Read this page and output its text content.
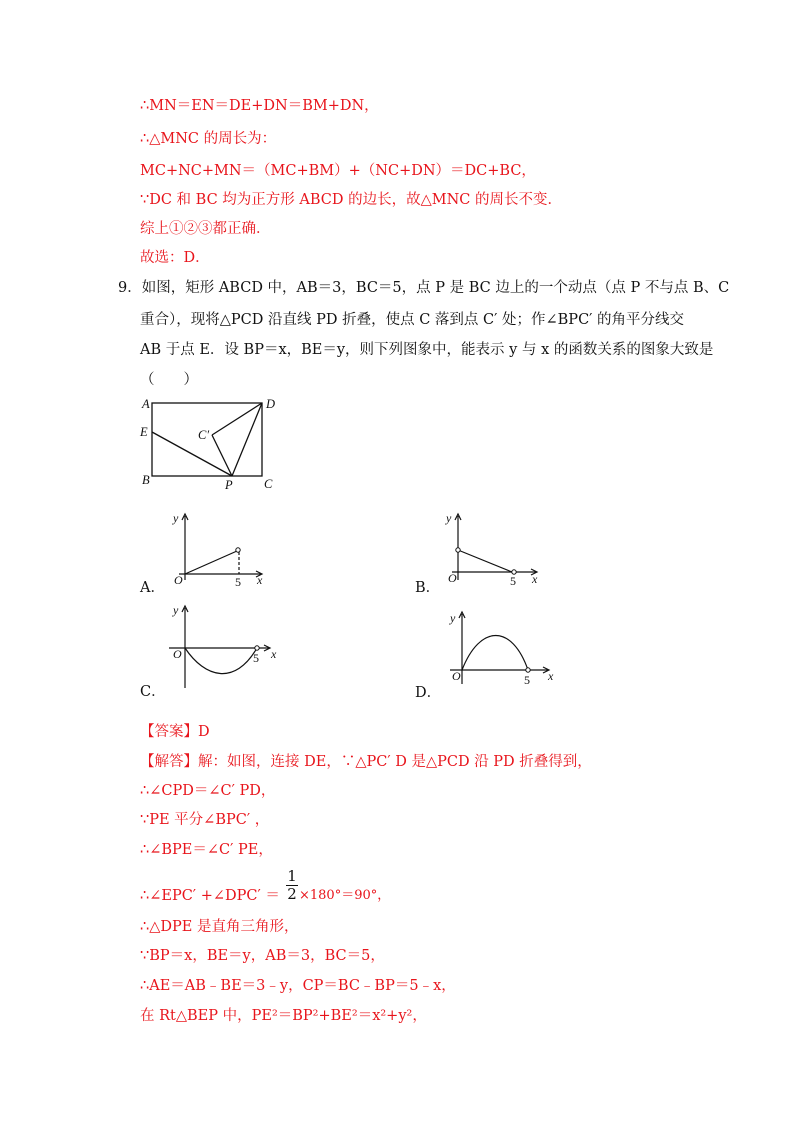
∴MN＝EN＝DE+DN＝BM+DN，
∴△MNC 的周长为：
MC+NC+MN＝（MC+BM）+（NC+DN）＝DC+BC，
∵DC 和 BC 均为正方形 ABCD 的边长，故△MNC 的周长不变．
综上①②③都正确．
故选：D．
9．如图，矩形 ABCD 中，AB＝3，BC＝5，点 P 是 BC 边上的一个动点（点 P 不与点 B、C
重合），现将△PCD 沿直线 PD 折叠，使点 C 落到点 C′ 处；作∠BPC′ 的角平分线交
AB 于点 E．设 BP＝x，BE＝y，则下列图象中，能表示 y 与 x 的函数关系的图象大致是
（　　）
A	D
E	C′
B	P	C
y
O	5 x
A．
y
O	5 x
B．
y
O	5 x
C．
y
O	5 x
D．
【答案】D
【解答】解：如图，连接 DE，∵△PC′ D 是△PCD 沿 PD 折叠得到，
∴∠CPD＝∠C′ PD，
∵PE 平分∠BPC′ ，
∴∠BPE＝∠C′ PE，
∴∠EPC′ +∠DPC′ ＝
1
2 ×180°＝90°，
∴△DPE 是直角三角形，
∵BP＝x，BE＝y，AB＝3，BC＝5，
∴AE＝AB﹣BE＝3﹣y，CP＝BC﹣BP＝5﹣x，
在 Rt△BEP 中，PE²＝BP²+BE²＝x²+y²，
